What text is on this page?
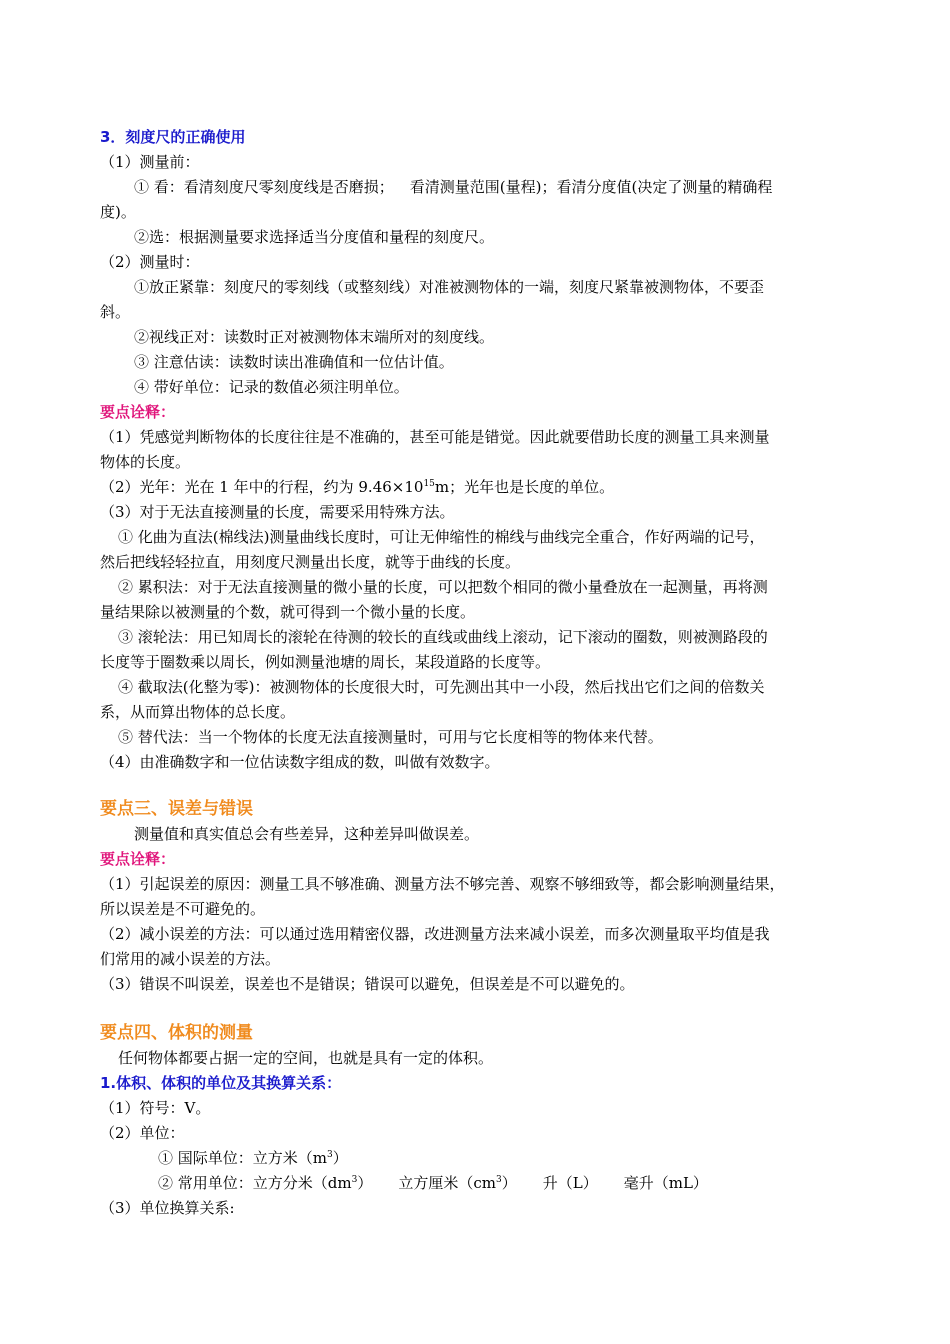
3．刻度尺的正确使用
（1）测量前：
① 看：看清刻度尺零刻度线是否磨损； 看清测量范围(量程)；看清分度值(决定了测量的精确程
度)。
②选：根据测量要求选择适当分度值和量程的刻度尺。
（2）测量时：
①放正紧靠：刻度尺的零刻线（或整刻线）对准被测物体的一端，刻度尺紧靠被测物体，不要歪
斜。
②视线正对：读数时正对被测物体末端所对的刻度线。
③ 注意估读：读数时读出准确值和一位估计值。
④ 带好单位：记录的数值必须注明单位。
要点诠释：
（1）凭感觉判断物体的长度往往是不准确的，甚至可能是错觉。因此就要借助长度的测量工具来测量
物体的长度。
（2）光年：光在 1 年中的行程，约为 $9.46\times 10^{15}m$；光年也是长度的单位。
（3）对于无法直接测量的长度，需要采用特殊方法。
① 化曲为直法(棉线法)测量曲线长度时，可让无伸缩性的棉线与曲线完全重合，作好两端的记号，
然后把线轻轻拉直，用刻度尺测量出长度，就等于曲线的长度。
② 累积法：对于无法直接测量的微小量的长度，可以把数个相同的微小量叠放在一起测量，再将测
量结果除以被测量的个数，就可得到一个微小量的长度。
③ 滚轮法：用已知周长的滚轮在待测的较长的直线或曲线上滚动，记下滚动的圈数，则被测路段的
长度等于圈数乘以周长，例如测量池塘的周长，某段道路的长度等。
④ 截取法(化整为零)：被测物体的长度很大时，可先测出其中一小段，然后找出它们之间的倍数关
系，从而算出物体的总长度。
⑤ 替代法：当一个物体的长度无法直接测量时，可用与它长度相等的物体来代替。
（4）由准确数字和一位估读数字组成的数，叫做有效数字。
要点三、误差与错误
测量值和真实值总会有些差异，这种差异叫做误差。
要点诠释：
（1）引起误差的原因：测量工具不够准确、测量方法不够完善、观察不够细致等，都会影响测量结果，
所以误差是不可避免的。
（2）减小误差的方法：可以通过选用精密仪器，改进测量方法来减小误差，而多次测量取平均值是我
们常用的减小误差的方法。
（3）错误不叫误差，误差也不是错误；错误可以避免，但误差是不可以避免的。
要点四、体积的测量
任何物体都要占据一定的空间，也就是具有一定的体积。
1.体积、体积的单位及其换算关系：
（1）符号：V。
（2）单位：
① 国际单位：立方米$(m^3)$
② 常用单位：立方分米$(dm^3)$ 立方厘米$(cm^3)$ 升（L） 毫升（mL）
（3）单位换算关系:
